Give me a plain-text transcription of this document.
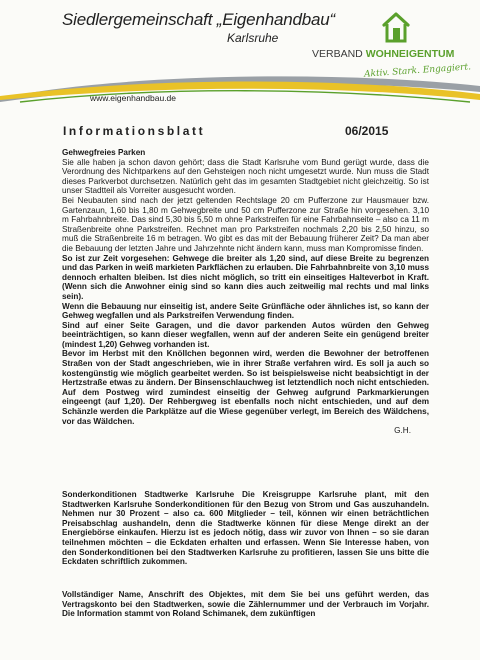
Siedlergemeinschaft „Eigenhandbau“
Karlsruhe
VERBAND WOHNEIGENTUM
Aktiv. Stark. Engagiert.
www.eigenhandbau.de
Informationsblatt	06/2015
Gehwegfreies Parken

Sie alle haben ja schon davon gehört; dass die Stadt Karlsruhe vom Bund gerügt wurde, dass die Verordnung des Nichtparkens auf den Gehsteigen noch nicht umgesetzt wurde. Nun muss die Stadt dieses Parkverbot durchsetzen. Natürlich geht das im gesamten Stadtgebiet nicht gleichzeitig. So ist unser Stadtteil als Vorreiter ausgesucht worden.

Bei Neubauten sind nach der jetzt geltenden Rechtslage 20 cm Pufferzone zur Hausmauer bzw. Gartenzaun, 1,60 bis 1,80 m Gehwegbreite und 50 cm Pufferzone zur Straße hin vorgesehen. 3,10 m Fahrbahnbreite. Das sind 5,30 bis 5,50 m ohne Parkstreifen für eine Fahrbahnseite – also ca 11 m Straßenbreite ohne Parkstreifen. Rechnet man pro Parkstreifen nochmals 2,20 bis 2,50 hinzu, so muß die Straßenbreite 16 m betragen. Wo gibt es das mit der Bebauung früherer Zeit? Da man aber die Bebauung der letzten Jahre und Jahrzehnte nicht ändern kann, muss man Kompromisse finden.

So ist zur Zeit vorgesehen: Gehwege die breiter als 1,20 sind, auf diese Breite zu begrenzen und das Parken in weiß markieten Parkflächen zu erlauben. Die Fahrbahnbreite von 3,10 muss dennoch erhalten bleiben. Ist dies nicht möglich, so tritt ein einseitiges Halteverbot in Kraft. (Wenn sich die Anwohner einig sind so kann dies auch zeitweilig mal rechts und mal links sein).

Wenn die Bebauung nur einseitig ist, andere Seite Grünfläche oder ähnliches ist, so kann der Gehweg wegfallen und als Parkstreifen Verwendung finden.

Sind auf einer Seite Garagen, und die davor parkenden Autos würden den Gehweg beeinträchtigen, so kann dieser wegfallen, wenn auf der anderen Seite ein genügend breiter (mindest 1,20) Gehweg vorhanden ist.

Bevor im Herbst mit den Knöllchen begonnen wird, werden die Bewohner der betroffenen Straßen von der Stadt angeschrieben, wie in ihrer Straße verfahren wird. Es soll ja auch so kostengünstig wie möglich gearbeitet werden. So ist beispielsweise nicht beabsichtigt in der Hertzstraße etwas zu ändern. Der Binsenschlauchweg ist letztendlich noch nicht entschieden. Auf dem Postweg wird zumindest einseitig der Gehweg aufgrund Parkmarkierungen eingeengt (auf 1,20). Der Rehbergweg ist ebenfalls noch nicht entschieden, und auf dem Schänzle werden die Parkplätze auf die Wiese gegenüber verlegt, im Bereich des Wäldchens, vor das Wäldchen.

G.H.

Sonderkonditionen Stadtwerke Karlsruhe Die Kreisgruppe Karlsruhe plant, mit den Stadtwerken Karlsruhe Sonderkonditionen für den Bezug von Strom und Gas auszuhandeln. Nehmen nur 30 Prozent – also ca. 600 Mitglieder – teil, können wir einen beträchtlichen Preisabschlag aushandeln, denn die Stadtwerke können für diese Menge direkt an der Energiebörse einkaufen. Hierzu ist es jedoch nötig, dass wir zuvor von Ihnen – so sie daran teilnehmen möchten – die Eckdaten erhalten und erfassen. Wenn Sie Interesse haben, von den Sonderkonditionen bei den Stadtwerken Karlsruhe zu profitieren, lassen Sie uns bitte die Eckdaten schriftlich zukommen.

Vollständiger Name, Anschrift des Objektes, mit dem Sie bei uns geführt werden, das Vertragskonto bei den Stadtwerken, sowie die Zählernummer und der Verbrauch im Vorjahr. Die Information stammt von Roland Schimanek, dem zukünftigen
